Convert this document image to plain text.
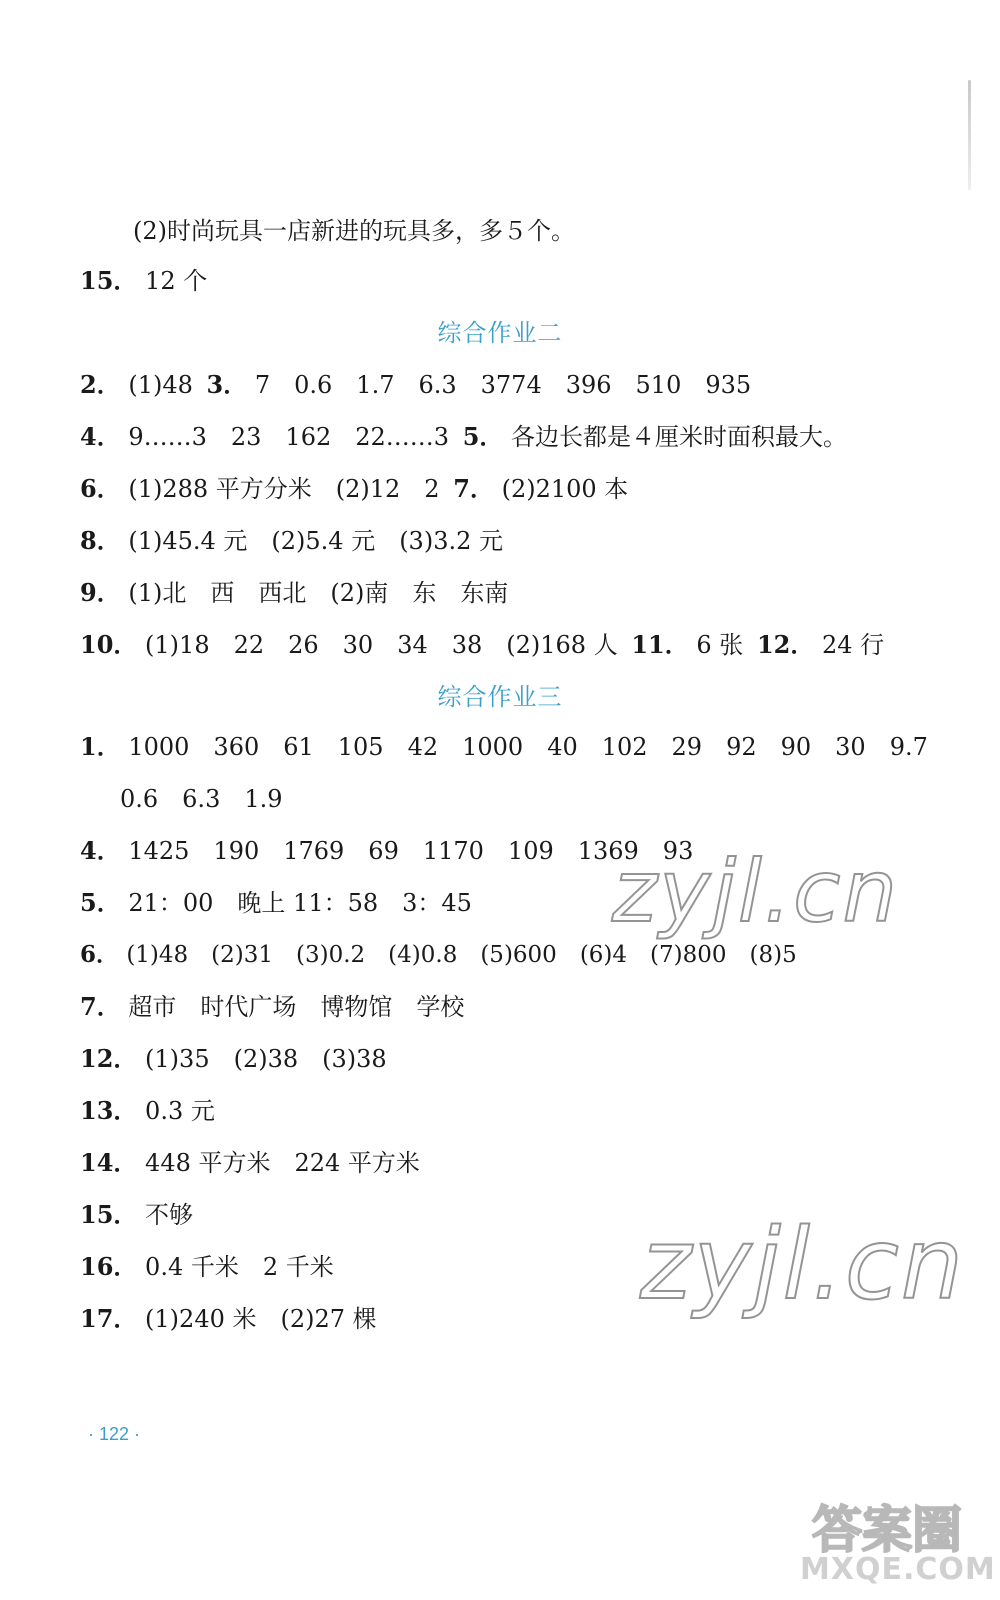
(2)时尚玩具一店新进的玩具多，多５个。
15． 12 个
综合作业二
2． (1)48 3． 7　0.6　1.7　6.3　3774　396　510　935
4． 9……3　23　162　22……3 5． 各边长都是４厘米时面积最大。
6． (1)288 平方分米　(2)12　2 7． (2)2100 本
8． (1)45.4 元　(2)5.4 元　(3)3.2 元
9． (1)北　西　西北　(2)南　东　东南
10． (1)18　22　26　30　34　38　(2)168 人 11． 6 张 12． 24 行
综合作业三
1． 1000　360　61　105　42　1000　40　102　29　92　90　30　9.7
0.6　6.3　1.9
4． 1425　190　1769　69　1170　109　1369　93
5． 21：00　晚上 11：58　3：45
6． (1)48　(2)31　(3)0.2　(4)0.8　(5)600　(6)4　(7)800　(8)5
7． 超市　时代广场　博物馆　学校
12． (1)35　(2)38　(3)38
13． 0.3 元
14． 448 平方米　224 平方米
15． 不够
16． 0.4 千米　2 千米
17． (1)240 米　(2)27 棵
· 122 ·
zyjl.cn
zyjl.cn
答案圈
MXQE.COM
